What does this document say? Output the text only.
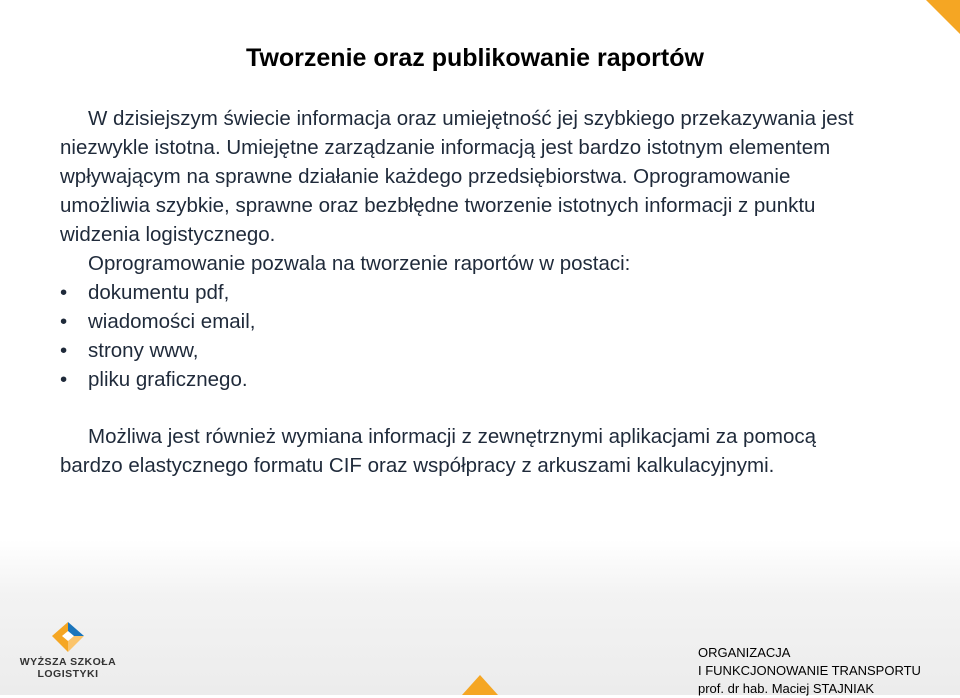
Tworzenie oraz publikowanie raportów

W dzisiejszym świecie informacja oraz umiejętność jej szybkiego przekazywania jest niezwykle istotna. Umiejętne zarządzanie informacją jest bardzo istotnym elementem wpływającym na sprawne działanie każdego przedsiębiorstwa. Oprogramowanie umożliwia szybkie, sprawne oraz bezbłędne tworzenie istotnych informacji z punktu widzenia logistycznego.

Oprogramowanie pozwala na tworzenie raportów w postaci:

• dokumentu pdf,
• wiadomości email,
• strony www,
• pliku graficznego.

Możliwa jest również wymiana informacji z zewnętrznymi aplikacjami za pomocą bardzo elastycznego formatu CIF oraz współpracy z arkuszami kalkulacyjnymi.

WYŻSZA SZKOŁA
LOGISTYKI
ORGANIZACJA
I FUNKCJONOWANIE TRANSPORTU
prof. dr hab. Maciej STAJNIAK
